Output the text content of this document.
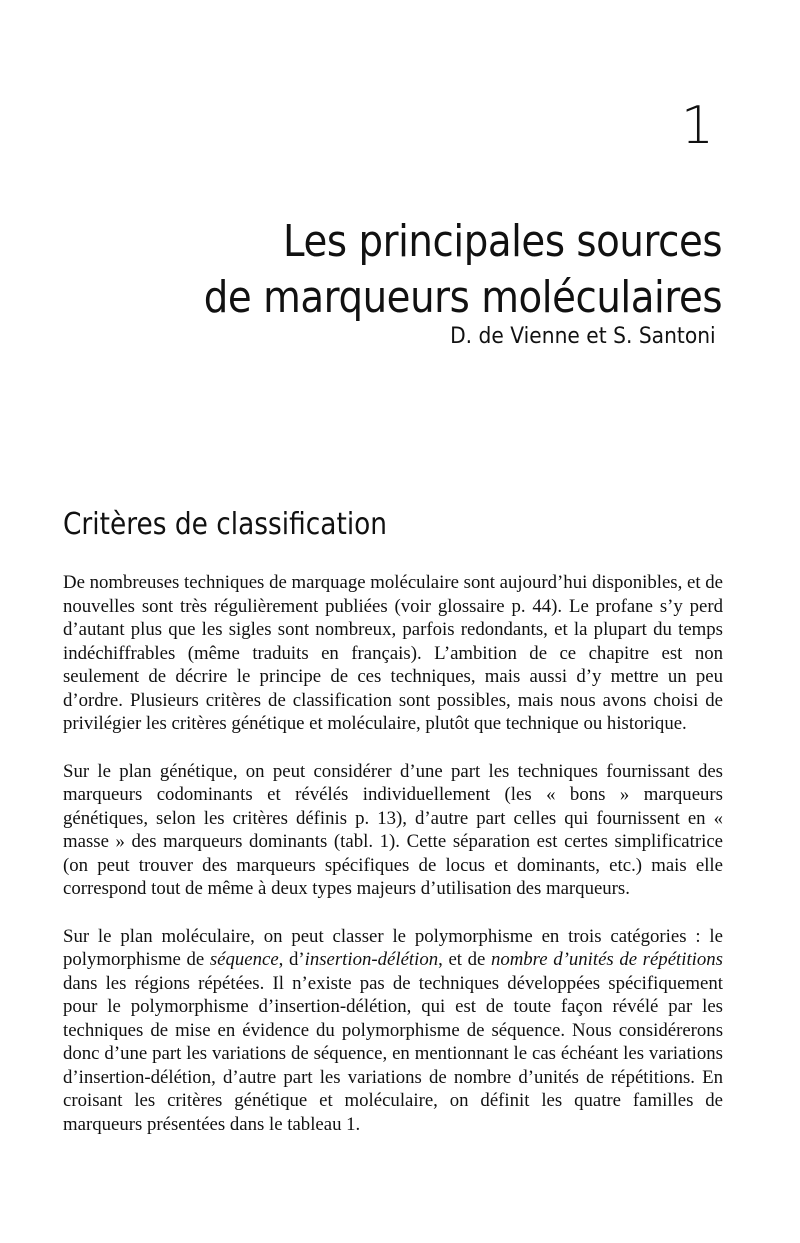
1
Les principales sources
de marqueurs moléculaires
D. de Vienne et S. Santoni
Critères de classification

De nombreuses techniques de marquage moléculaire sont aujourd’hui disponibles, et de nouvelles sont très régulièrement publiées (voir glossaire p. 44). Le profane s’y perd d’autant plus que les sigles sont nombreux, parfois redondants, et la plupart du temps indéchiffrables (même traduits en français). L’ambition de ce chapitre est non seulement de décrire le principe de ces techniques, mais aussi d’y mettre un peu d’ordre. Plusieurs critères de classification sont possibles, mais nous avons choisi de privilégier les critères génétique et moléculaire, plutôt que technique ou historique.

Sur le plan génétique, on peut considérer d’une part les techniques fournissant des marqueurs codominants et révélés individuellement (les « bons » marqueurs génétiques, selon les critères définis p. 13), d’autre part celles qui fournissent en « masse » des marqueurs dominants (tabl. 1). Cette séparation est certes simplificatrice (on peut trouver des marqueurs spécifiques de locus et dominants, etc.) mais elle correspond tout de même à deux types majeurs d’utilisation des marqueurs.

Sur le plan moléculaire, on peut classer le polymorphisme en trois catégories : le polymorphisme de séquence, d’insertion-délétion, et de nombre d’unités de répétitions dans les régions répétées. Il n’existe pas de techniques développées spécifiquement pour le polymorphisme d’insertion-délétion, qui est de toute façon révélé par les techniques de mise en évidence du polymorphisme de séquence. Nous considérerons donc d’une part les variations de séquence, en mentionnant le cas échéant les variations d’insertion-délétion, d’autre part les variations de nombre d’unités de répétitions. En croisant les critères génétique et moléculaire, on définit les quatre familles de marqueurs présentées dans le tableau 1.
